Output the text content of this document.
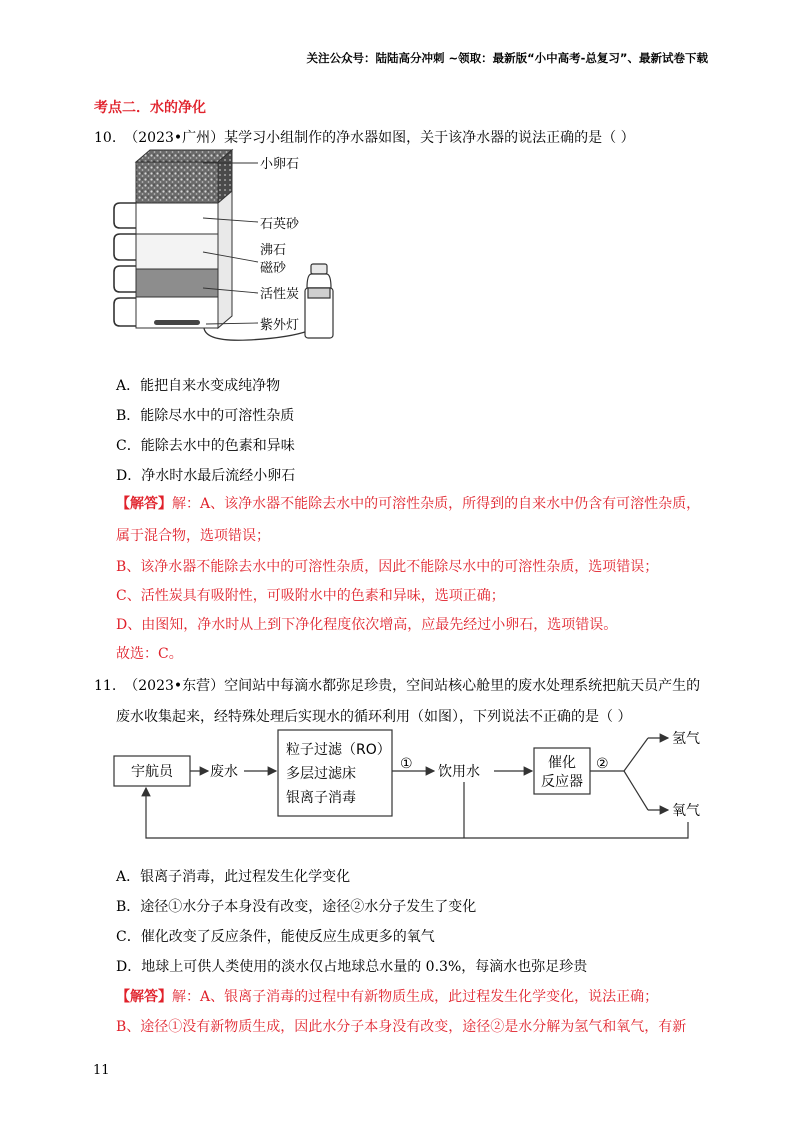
关注公众号：陆陆高分冲刺 ~领取：最新版“小中高考-总复习”、最新试卷下载
考点二．水的净化
10. （2023•广州）某学习小组制作的净水器如图，关于该净水器的说法正确的是（ ）
小卵石
石英砂
沸石
磁砂
活性炭
紫外灯
A．能把自来水变成纯净物
B．能除尽水中的可溶性杂质
C．能除去水中的色素和异味
D．净水时水最后流经小卵石
【解答】解：A、该净水器不能除去水中的可溶性杂质，所得到的自来水中仍含有可溶性杂质，
属于混合物，选项错误；
B、该净水器不能除去水中的可溶性杂质，因此不能除尽水中的可溶性杂质，选项错误；
C、活性炭具有吸附性，可吸附水中的色素和异味，选项正确；
D、由图知，净水时从上到下净化程度依次增高，应最先经过小卵石，选项错误。
故选：C。
11. （2023•东营）空间站中每滴水都弥足珍贵，空间站核心舱里的废水处理系统把航天员产生的
废水收集起来，经特殊处理后实现水的循环利用（如图），下列说法不正确的是（ ）
宇航员	废水
粒子过滤（RO）
多层过滤床
银离子消毒
① 饮用水
催化
反应器
②
氢气
氧气
A．银离子消毒，此过程发生化学变化
B．途径①水分子本身没有改变，途径②水分子发生了变化
C．催化改变了反应条件，能使反应生成更多的氧气
D．地球上可供人类使用的淡水仅占地球总水量的 0.3%，每滴水也弥足珍贵
【解答】解：A、银离子消毒的过程中有新物质生成，此过程发生化学变化，说法正确；
B、途径①没有新物质生成，因此水分子本身没有改变，途径②是水分解为氢气和氧气，有新
11
